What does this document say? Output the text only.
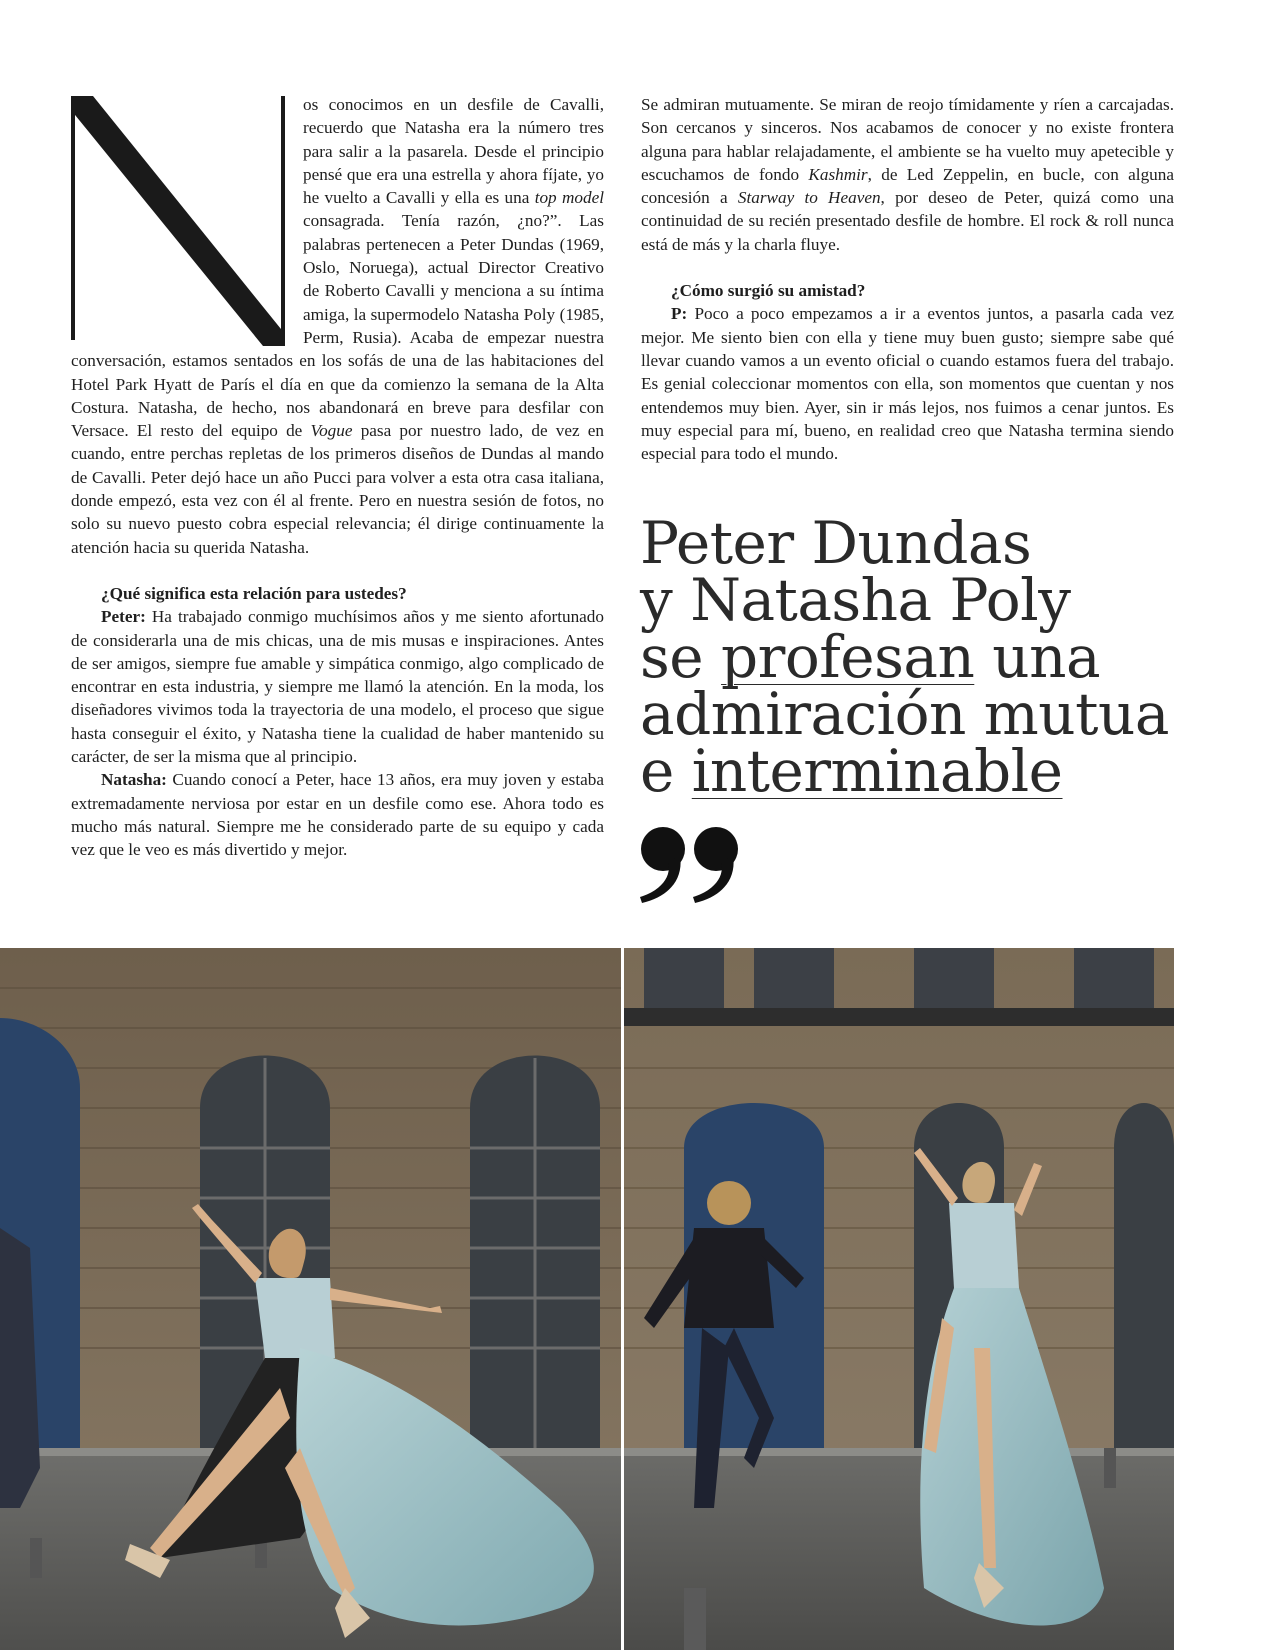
os conocimos en un desfile de Cavalli, recuerdo que Natasha era la número tres para salir a la pasarela. Desde el principio pensé que era una estrella y ahora fíjate, yo he vuelto a Cavalli y ella es una top model consagrada. Tenía razón, ¿no?”. Las palabras pertenecen a Peter Dundas (1969, Oslo, Noruega), actual Director Creativo de Roberto Cavalli y menciona a su íntima amiga, la supermodelo Natasha Poly (1985, Perm, Rusia). Acaba de empezar nuestra conversación, estamos sentados en los sofás de una de las habitaciones del Hotel Park Hyatt de París el día en que da comienzo la semana de la Alta Costura. Natasha, de hecho, nos abandonará en breve para desfilar con Versace. El resto del equipo de Vogue pasa por nuestro lado, de vez en cuando, entre perchas repletas de los primeros diseños de Dundas al mando de Cavalli. Peter dejó hace un año Pucci para volver a esta otra casa italiana, donde empezó, esta vez con él al frente. Pero en nuestra sesión de fotos, no solo su nuevo puesto cobra especial relevancia; él dirige continuamente la atención hacia su querida Natasha.

¿Qué significa esta relación para ustedes?

Peter: Ha trabajado conmigo muchísimos años y me siento afortunado de considerarla una de mis chicas, una de mis musas e inspiraciones. Antes de ser amigos, siempre fue amable y simpática conmigo, algo complicado de encontrar en esta industria, y siempre me llamó la atención. En la moda, los diseñadores vivimos toda la trayectoria de una modelo, el proceso que sigue hasta conseguir el éxito, y Natasha tiene la cualidad de haber mantenido su carácter, de ser la misma que al principio.

Natasha: Cuando conocí a Peter, hace 13 años, era muy joven y estaba extremadamente nerviosa por estar en un desfile como ese. Ahora todo es mucho más natural. Siempre me he considerado parte de su equipo y cada vez que le veo es más divertido y mejor.

Se admiran mutuamente. Se miran de reojo tímidamente y ríen a carcajadas. Son cercanos y sinceros. Nos acabamos de conocer y no existe frontera alguna para hablar relajadamente, el ambiente se ha vuelto muy apetecible y escuchamos de fondo Kashmir, de Led Zeppelin, en bucle, con alguna concesión a Starway to Heaven, por deseo de Peter, quizá como una continuidad de su recién presentado desfile de hombre. El rock & roll nunca está de más y la charla fluye.

¿Cómo surgió su amistad?

P: Poco a poco empezamos a ir a eventos juntos, a pasarla cada vez mejor. Me siento bien con ella y tiene muy buen gusto; siempre sabe qué llevar cuando vamos a un evento oficial o cuando estamos fuera del trabajo. Es genial coleccionar momentos con ella, son momentos que cuentan y nos entendemos muy bien. Ayer, sin ir más lejos, nos fuimos a cenar juntos. Es muy especial para mí, bueno, en realidad creo que Natasha termina siendo especial para todo el mundo.

Peter Dundas
y Natasha Poly
se profesan una
admiración mutua
e interminable
